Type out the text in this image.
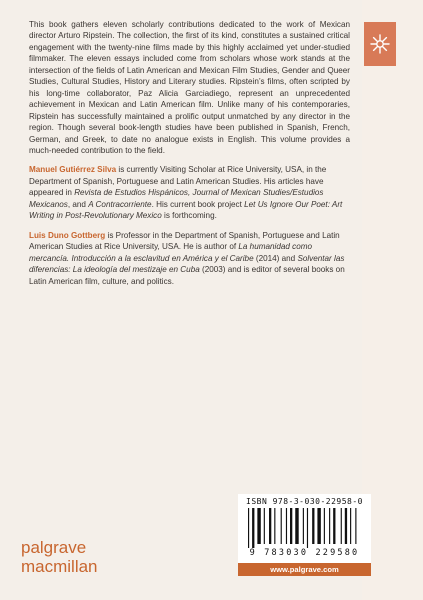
This book gathers eleven scholarly contributions dedicated to the work of Mexican director Arturo Ripstein. The collection, the first of its kind, constitutes a sustained critical engagement with the twenty-nine films made by this highly acclaimed yet under-studied filmmaker. The eleven essays included come from scholars whose work stands at the intersection of the fields of Latin American and Mexican Film Studies, Gender and Queer Studies, Cultural Studies, History and Literary studies. Ripstein’s films, often scripted by his long-time collaborator, Paz Alicia Garciadiego, represent an unprecedented achievement in Mexican and Latin American film. Unlike many of his contemporaries, Ripstein has successfully maintained a prolific output unmatched by any director in the region. Though several book-length studies have been published in Spanish, French, German, and Greek, to date no analogue exists in English. This volume provides a much-needed contribution to the field.

Manuel Gutiérrez Silva is currently Visiting Scholar at Rice University, USA, in the Department of Spanish, Portuguese and Latin American Studies. His articles have appeared in Revista de Estudios Hispánicos, Journal of Mexican Studies/Estudios Mexicanos, and A Contracorriente. His current book project Let Us Ignore Our Poet: Art Writing in Post-Revolutionary Mexico is forthcoming.

Luis Duno Gottberg is Professor in the Department of Spanish, Portuguese and Latin American Studies at Rice University, USA. He is author of La humanidad como mercancía. Introducción a la esclavitud en América y el Caribe (2014) and Solventar las diferencias: La ideología del mestizaje en Cuba (2003) and is editor of several books on Latin American film, culture, and politics.

ISBN 978-3-030-22958-0
9 783030 229580
www.palgrave.com
palgrave
macmillan
